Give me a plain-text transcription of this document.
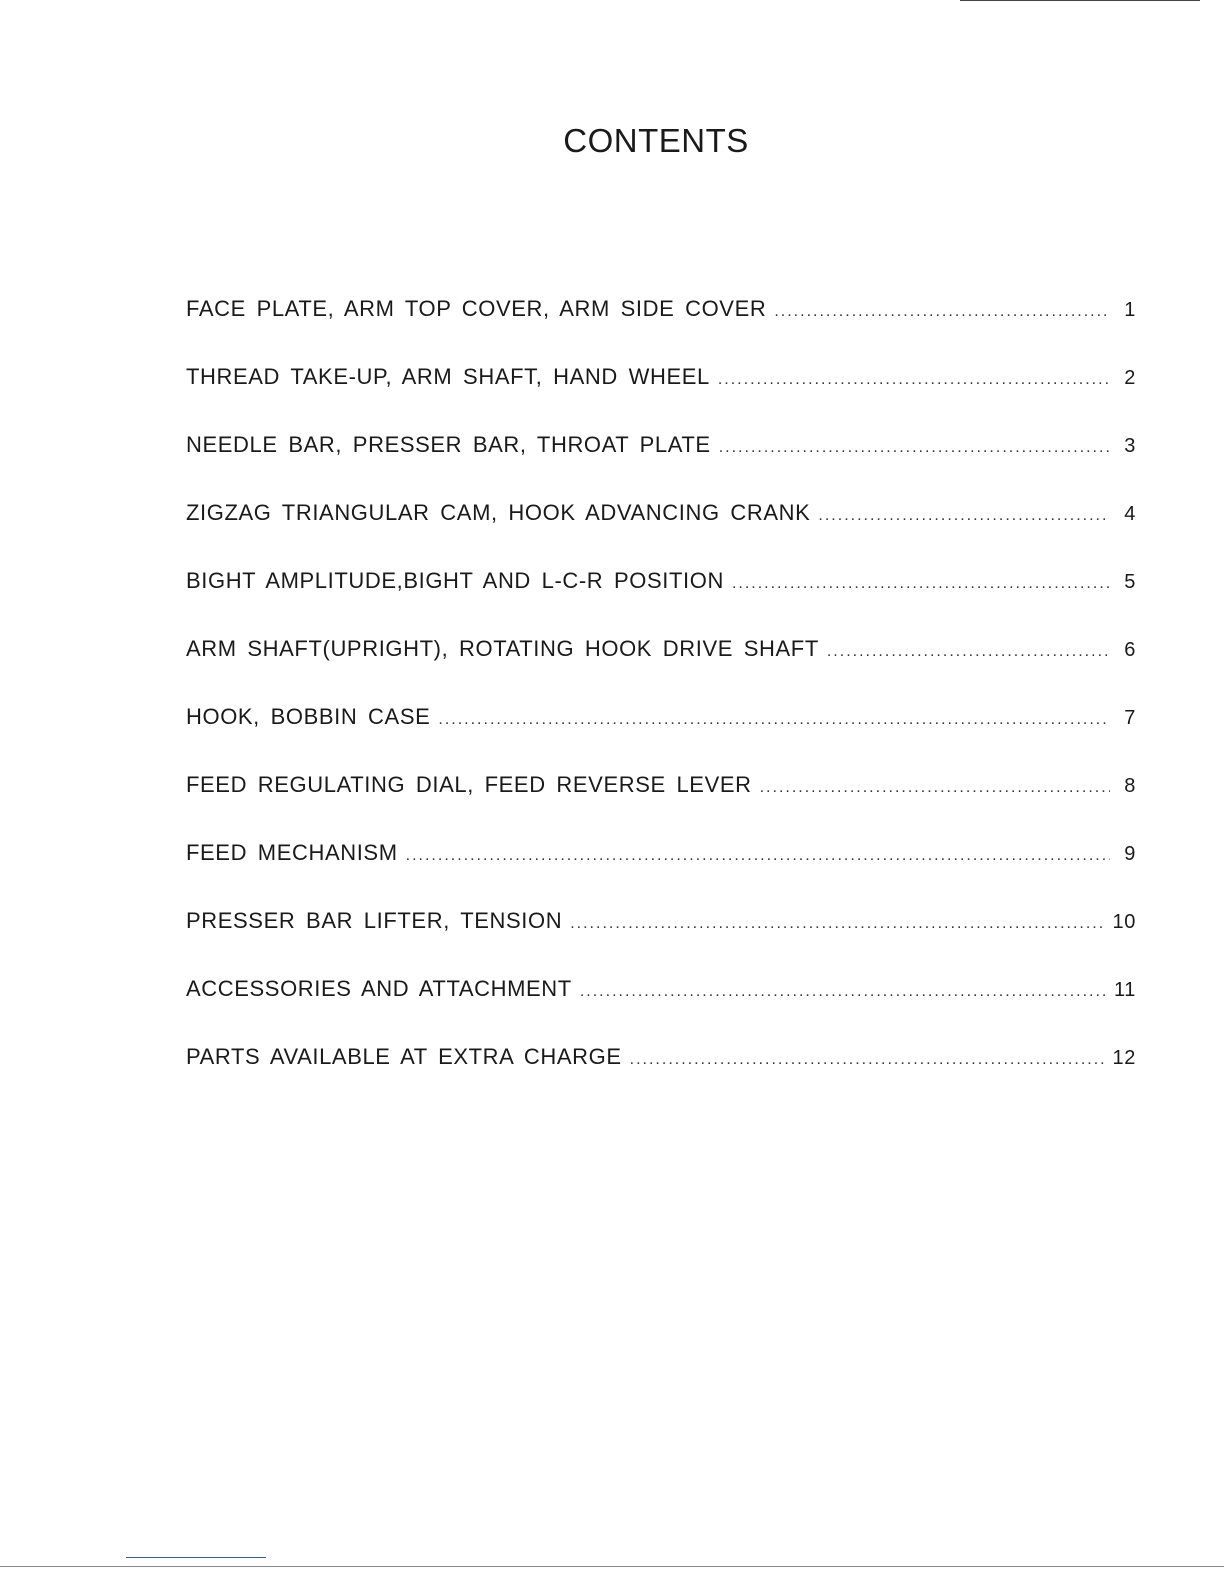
CONTENTS
FACE PLATE, ARM TOP COVER, ARM SIDE COVER .....	1
THREAD TAKE-UP, ARM SHAFT, HAND WHEEL .....	2
NEEDLE BAR, PRESSER BAR, THROAT PLATE .....	3
ZIGZAG TRIANGULAR CAM, HOOK ADVANCING CRANK .....	4
BIGHT AMPLITUDE,BIGHT AND L-C-R POSITION .....	5
ARM SHAFT(UPRIGHT), ROTATING HOOK DRIVE SHAFT .....	6
HOOK, BOBBIN CASE .....	7
FEED REGULATING DIAL, FEED REVERSE LEVER .....	8
FEED MECHANISM .....	9
PRESSER BAR LIFTER, TENSION .....	10
ACCESSORIES AND ATTACHMENT .....	11
PARTS AVAILABLE AT EXTRA CHARGE .....	12
